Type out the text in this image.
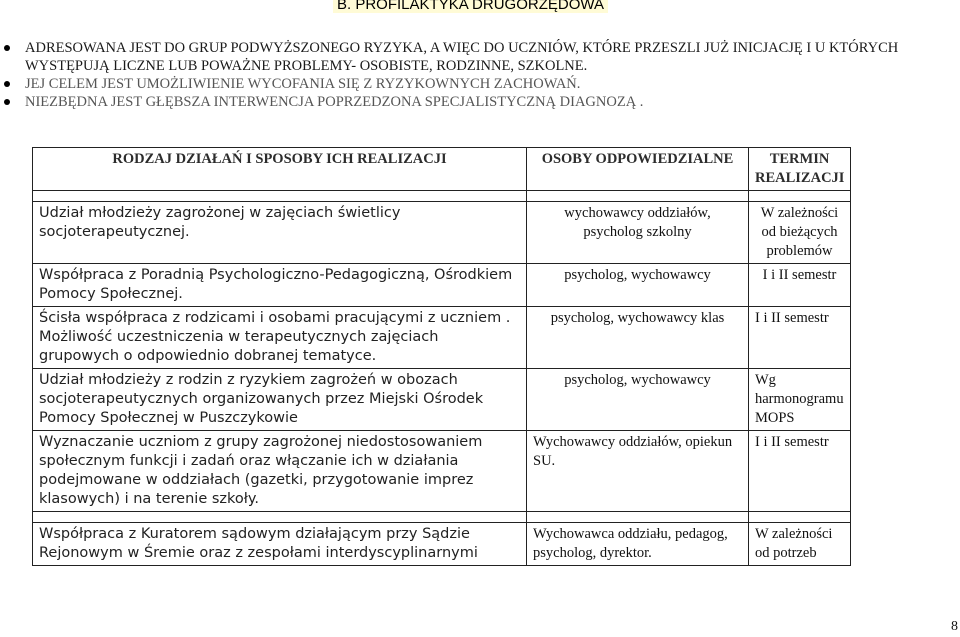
B. PROFILAKTYKA DRUGORZĘDOWA
ADRESOWANA JEST DO GRUP PODWYŻSZONEGO RYZYKA, A WIĘC DO UCZNIÓW, KTÓRE PRZESZLI JUŻ INICJACJĘ I U KTÓRYCH WYSTĘPUJĄ LICZNE LUB POWAŻNE PROBLEMY- OSOBISTE, RODZINNE, SZKOLNE.
JEJ CELEM JEST UMOŻLIWIENIE WYCOFANIA SIĘ Z RYZYKOWNYCH ZACHOWAŃ.
NIEZBĘDNA JEST GŁĘBSZA INTERWENCJA POPRZEDZONA SPECJALISTYCZNĄ DIAGNOZĄ .
RODZAJ DZIAŁAŃ I SPOSOBY ICH REALIZACJI	OSOBY ODPOWIEDZIALNE	TERMIN REALIZACJI

Udział młodzieży zagrożonej w zajęciach świetlicy socjoterapeutycznej.	wychowawcy oddziałów, psycholog szkolny	W zależności od bieżących problemów
Współpraca z Poradnią Psychologiczno-Pedagogiczną, Ośrodkiem Pomocy Społecznej.	psycholog, wychowawcy	I i II semestr
Ścisła współpraca z rodzicami i osobami pracującymi z uczniem . Możliwość uczestniczenia w terapeutycznych zajęciach grupowych o odpowiednio dobranej tematyce.	psycholog, wychowawcy klas	I i II semestr
Udział młodzieży z rodzin z ryzykiem zagrożeń w obozach socjoterapeutycznych organizowanych przez Miejski Ośrodek Pomocy Społecznej w Puszczykowie	psycholog, wychowawcy	Wg harmonogramu MOPS
Wyznaczanie uczniom z grupy zagrożonej niedostosowaniem społecznym funkcji i zadań oraz włączanie ich w działania podejmowane w oddziałach (gazetki, przygotowanie imprez klasowych) i na terenie szkoły.	Wychowawcy oddziałów, opiekun SU.	I i II semestr

Współpraca z Kuratorem sądowym działającym przy Sądzie Rejonowym w Śremie oraz z zespołami interdyscyplinarnymi	Wychowawca oddziału, pedagog, psycholog, dyrektor.	W zależności od potrzeb
8
